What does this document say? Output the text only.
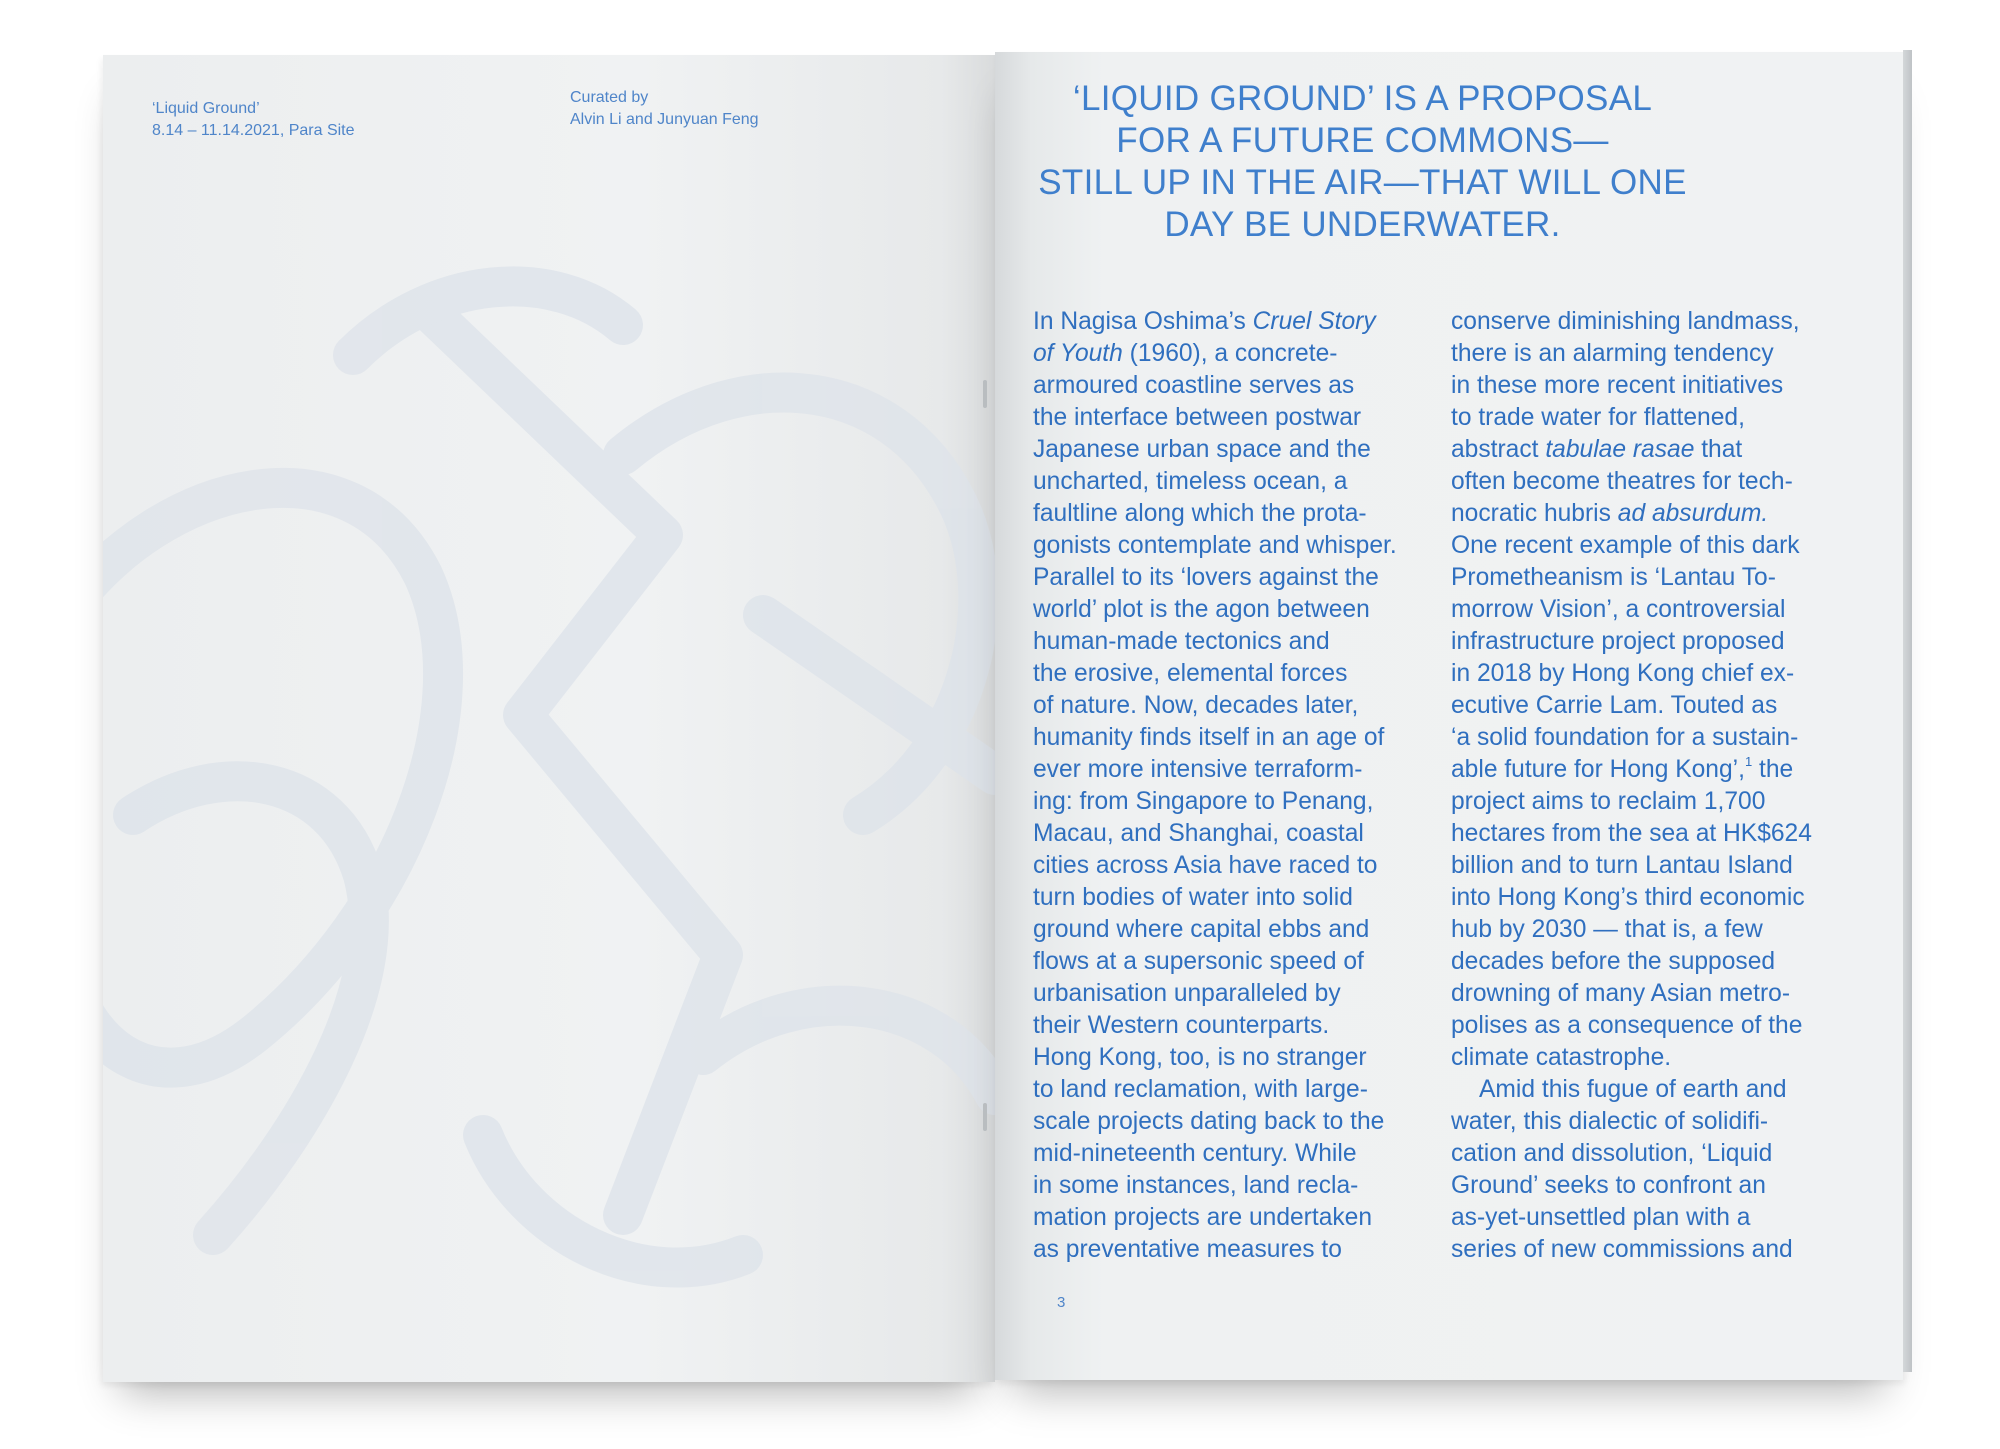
‘Liquid Ground’
8.14 – 11.14.2021, Para Site
Curated by
Alvin Li and Junyuan Feng
‘LIQUID GROUND’ IS A PROPOSAL
FOR A FUTURE COMMONS—
STILL UP IN THE AIR—THAT WILL ONE
DAY BE UNDERWATER.
In Nagisa Oshima’s Cruel Story
of Youth (1960), a concrete-
armoured coastline serves as
the interface between postwar
Japanese urban space and the
uncharted, timeless ocean, a
faultline along which the prota-
gonists contemplate and whisper.
Parallel to its ‘lovers against the
world’ plot is the agon between
human-made tectonics and
the erosive, elemental forces
of nature. Now, decades later,
humanity finds itself in an age of
ever more intensive terraform-
ing: from Singapore to Penang,
Macau, and Shanghai, coastal
cities across Asia have raced to
turn bodies of water into solid
ground where capital ebbs and
flows at a supersonic speed of
urbanisation unparalleled by
their Western counterparts.
Hong Kong, too, is no stranger
to land reclamation, with large-
scale projects dating back to the
mid-nineteenth century. While
in some instances, land recla-
mation projects are undertaken
as preventative measures to
conserve diminishing landmass,
there is an alarming tendency
in these more recent initiatives
to trade water for flattened,
abstract tabulae rasae that
often become theatres for tech-
nocratic hubris ad absurdum.
One recent example of this dark
Prometheanism is ‘Lantau To-
morrow Vision’, a controversial
infrastructure project proposed
in 2018 by Hong Kong chief ex-
ecutive Carrie Lam. Touted as
‘a solid foundation for a sustain-
able future for Hong Kong’,$^1$ the
project aims to reclaim 1,700
hectares from the sea at HK$624
billion and to turn Lantau Island
into Hong Kong’s third economic
hub by 2030 — that is, a few
decades before the supposed
drowning of many Asian metro-
polises as a consequence of the
climate catastrophe.
Amid this fugue of earth and
water, this dialectic of solidifi-
cation and dissolution, ‘Liquid
Ground’ seeks to confront an
as-yet-unsettled plan with a
series of new commissions and
3
